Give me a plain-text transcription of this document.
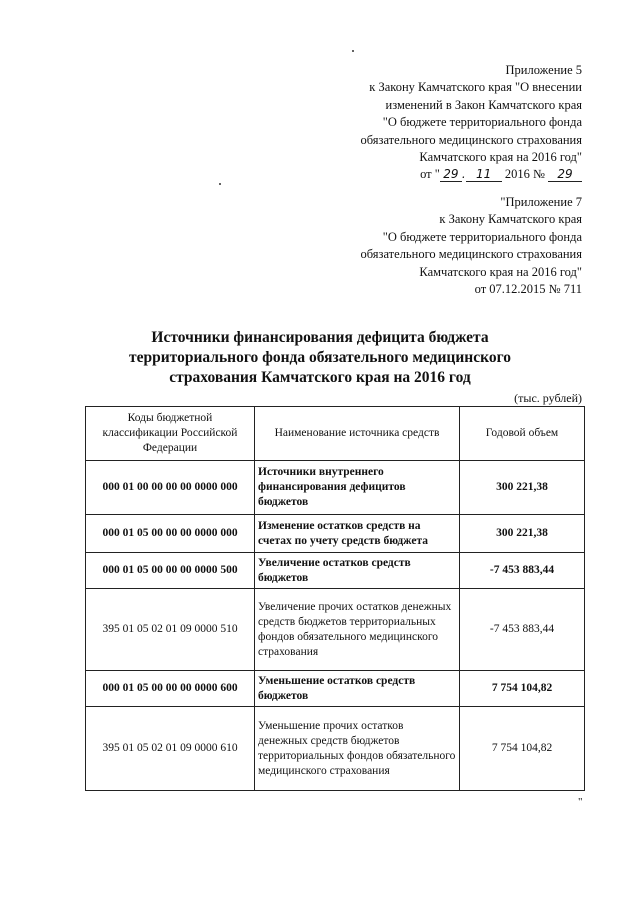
Приложение 5
к Закону Камчатского края "О внесении
изменений в Закон Камчатского края
"О бюджете территориального фонда
обязательного медицинского страхования
Камчатского края на 2016 год"
от " 29 . 11 2016 № 29
"Приложение 7
к Закону Камчатского края
"О бюджете территориального фонда
обязательного медицинского страхования
Камчатского края на 2016 год"
от 07.12.2015 № 711
Источники финансирования дефицита бюджета
территориального фонда обязательного медицинского
страхования Камчатского края на 2016 год
(тыс. рублей)
Коды бюджетной классификации Российской Федерации	Наименование источника средств	Годовой объем
000 01 00 00 00 00 0000 000	Источники внутреннего финансирования дефицитов бюджетов	300 221,38
000 01 05 00 00 00 0000 000	Изменение остатков средств на счетах по учету средств бюджета	300 221,38
000 01 05 00 00 00 0000 500	Увеличение остатков средств бюджетов	-7 453 883,44
395 01 05 02 01 09 0000 510	Увеличение прочих остатков денежных средств бюджетов территориальных фондов обязательного медицинского страхования	-7 453 883,44
000 01 05 00 00 00 0000 600	Уменьшение остатков средств бюджетов	7 754 104,82
395 01 05 02 01 09 0000 610	Уменьшение прочих остатков денежных средств бюджетов территориальных фондов обязательного медицинского страхования	7 754 104,82
"
